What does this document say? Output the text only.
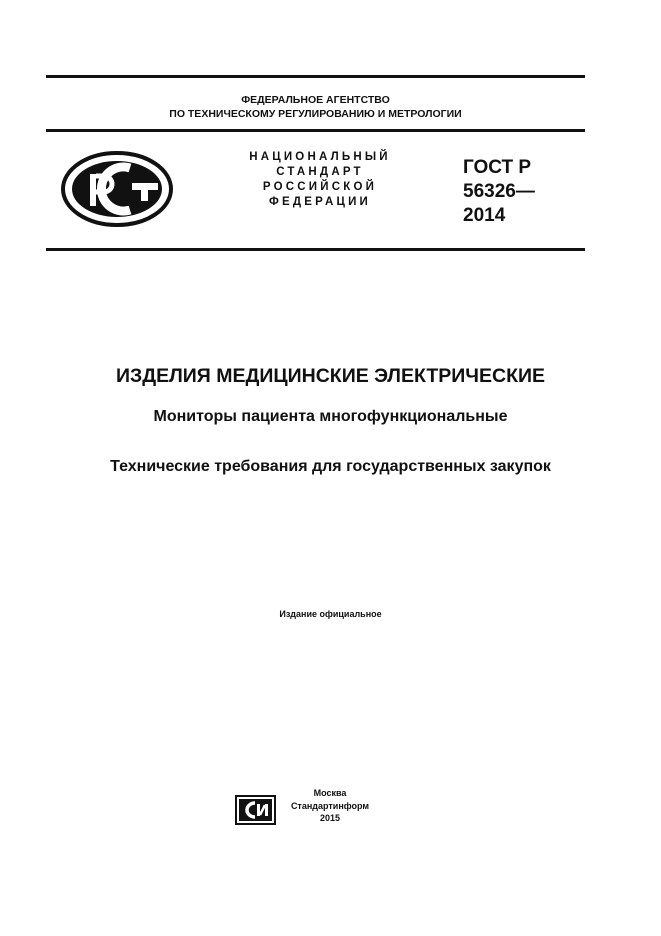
ФЕДЕРАЛЬНОЕ АГЕНТСТВО
ПО ТЕХНИЧЕСКОМУ РЕГУЛИРОВАНИЮ И МЕТРОЛОГИИ
НАЦИОНАЛЬНЫЙ
СТАНДАРТ
РОССИЙСКОЙ
ФЕДЕРАЦИИ
ГОСТ Р
56326—
2014
ИЗДЕЛИЯ МЕДИЦИНСКИЕ ЭЛЕКТРИЧЕСКИЕ
Мониторы пациента многофункциональные
Технические требования для государственных закупок
Издание официальное
Москва
Стандартинформ
2015
